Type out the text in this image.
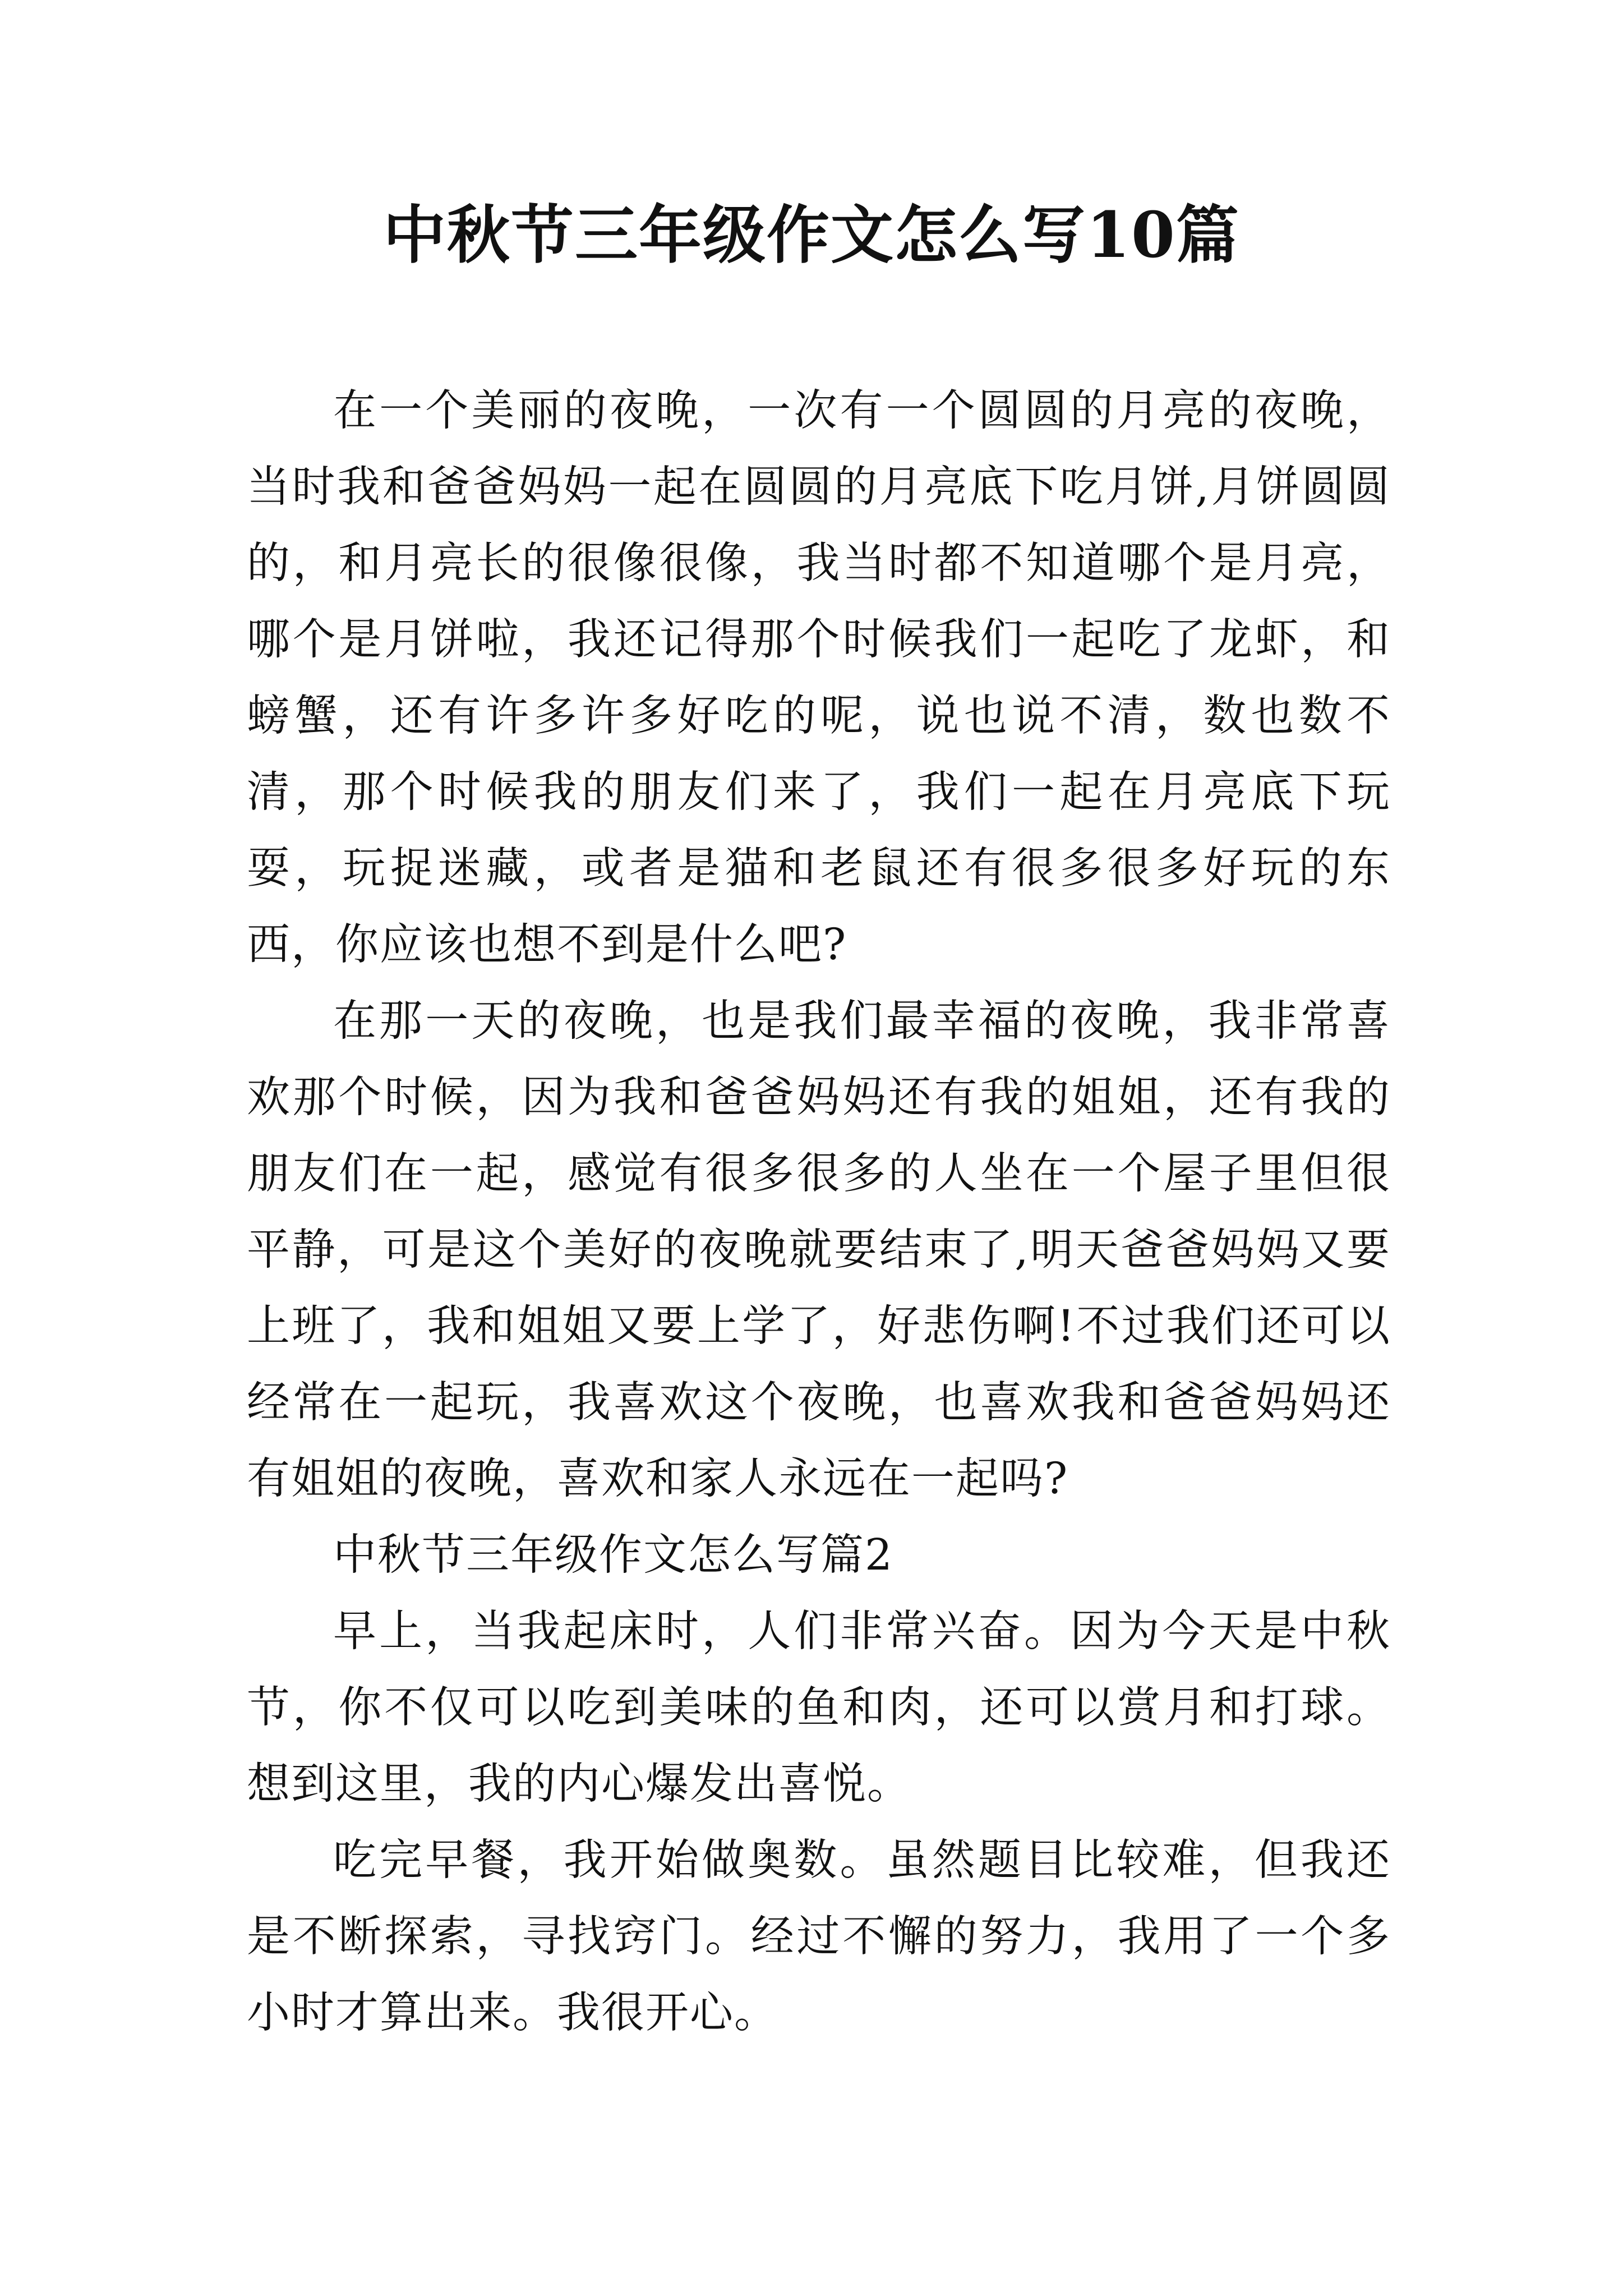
中秋节三年级作文怎么写10篇

在一个美丽的夜晚，一次有一个圆圆的月亮的夜晚，当时我和爸爸妈妈一起在圆圆的月亮底下吃月饼,月饼圆圆的，和月亮长的很像很像，我当时都不知道哪个是月亮，哪个是月饼啦，我还记得那个时候我们一起吃了龙虾，和螃蟹，还有许多许多好吃的呢，说也说不清，数也数不清，那个时候我的朋友们来了，我们一起在月亮底下玩耍，玩捉迷藏，或者是猫和老鼠还有很多很多好玩的东西，你应该也想不到是什么吧?

在那一天的夜晚，也是我们最幸福的夜晚，我非常喜欢那个时候，因为我和爸爸妈妈还有我的姐姐，还有我的朋友们在一起，感觉有很多很多的人坐在一个屋子里但很平静，可是这个美好的夜晚就要结束了,明天爸爸妈妈又要上班了，我和姐姐又要上学了，好悲伤啊!不过我们还可以经常在一起玩，我喜欢这个夜晚，也喜欢我和爸爸妈妈还有姐姐的夜晚，喜欢和家人永远在一起吗?

中秋节三年级作文怎么写篇2

早上，当我起床时，人们非常兴奋。因为今天是中秋节，你不仅可以吃到美味的鱼和肉，还可以赏月和打球。想到这里，我的内心爆发出喜悦。

吃完早餐，我开始做奥数。虽然题目比较难，但我还是不断探索，寻找窍门。经过不懈的努力，我用了一个多小时才算出来。我很开心。
